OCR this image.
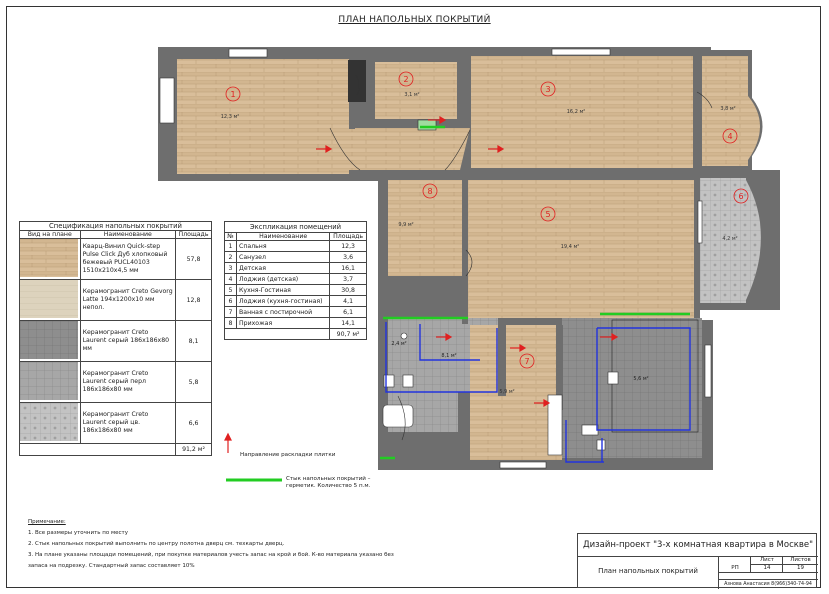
ПЛАН НАПОЛЬНЫХ ПОКРЫТИЙ
1
12,3 м²
2
3,1 м²
3
16,2 м²
4
3,8 м²
5
19,4 м²
6
4,2 м²
7
5,9 м²
8
9,9 м²
2,4 м²
8,1 м²
5,6 м²
Спецификация напольных покрытий		
Вид на плане	Наименование	Площадь
	Кварц-Винил Quick-step Pulse Click Дуб хлопковый бежевый PUCL40103 1510х210х4,5 мм	57,8
	Керамогранит Creto Gevorg Latte 194х1200х10 мм непол.	12,8
	Керамогранит Creto Laurent серый 186х186х80 мм	8,1
	Керамогранит Creto Laurent серый перл 186х186х80 мм	5,8
	Керамогранит Creto Laurent серый цв. 186х186х80 мм	6,6
		91,2 м²
Экспликация помещений		
№	Наименование	Площадь
1	Спальня	12,3
2	Санузел	3,6
3	Детская	16,1
4	Лоджия (детская)	3,7
5	Кухня-Гостиная	30,8
6	Лоджия (кухня-гостиная)	4,1
7	Ванная с постирочной	6,1
8	Прихожая	14,1
		90,7 м²
Направление раскладки плитки
Стык напольных покрытий –
герметик. Количество 5 п.м.
Примечание:
1. Все размеры уточнить по месту
2. Стык напольных покрытий выполнить по центру полотна дверц см. техкарты дверц.
3. На плане указаны площади помещений, при покупке материалов учесть запас на крой и бой. К-во материала указано без
запаса на подрезку. Стандартный запас составляет 10%
Дизайн-проект "3-х комнатная квартира в Москве"
План напольных покрытий
Лист	Листов
РП	14	19
Азнова Анастасия 8(966)340-74-94
